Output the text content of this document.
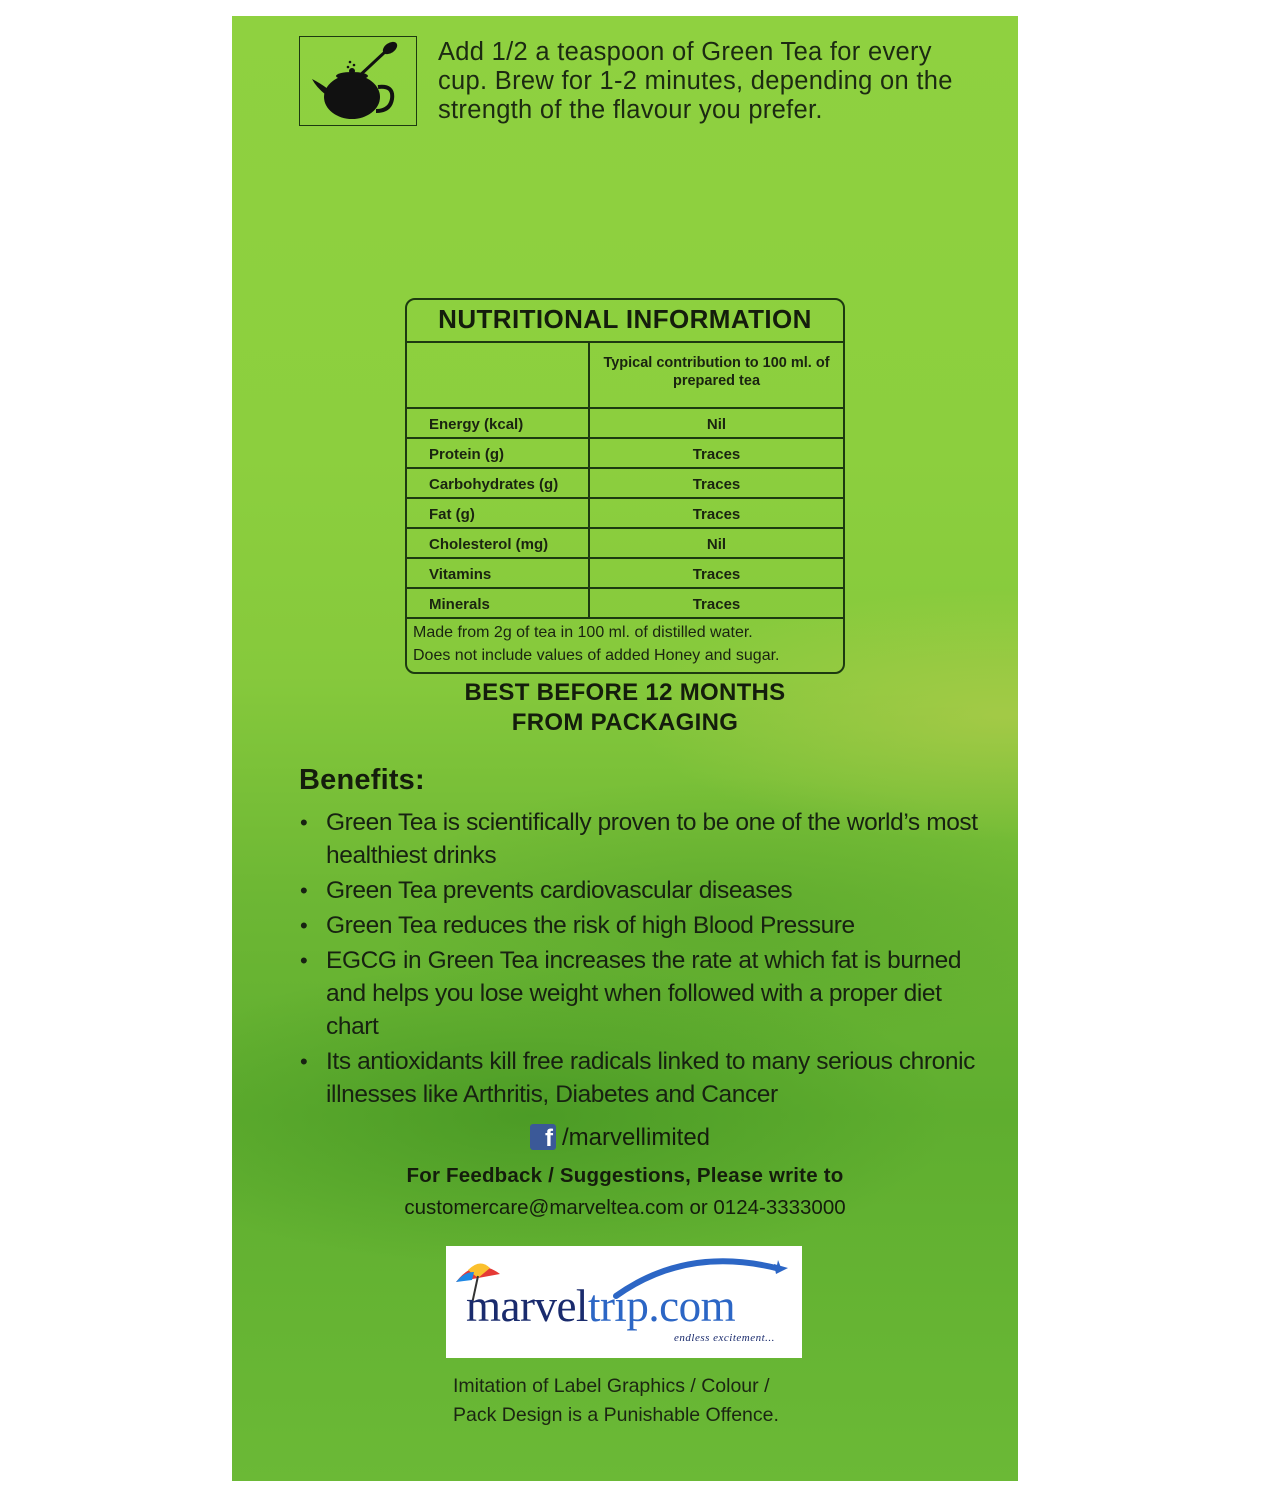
Add 1/2 a teaspoon of Green Tea for every cup. Brew for 1-2 minutes, depending on the strength of the flavour you prefer.
NUTRITIONAL INFORMATION
Typical contribution to 100 ml. of prepared tea
Energy (kcal)	Nil
Protein (g)	Traces
Carbohydrates (g)	Traces
Fat (g)	Traces
Cholesterol (mg)	Nil
Vitamins	Traces
Minerals	Traces
Made from 2g of tea in 100 ml. of distilled water.
Does not include values of added Honey and sugar.
BEST BEFORE 12 MONTHS
FROM PACKAGING
Benefits:
• Green Tea is scientifically proven to be one of the world’s most healthiest drinks
• Green Tea prevents cardiovascular diseases
• Green Tea reduces the risk of high Blood Pressure
• EGCG in Green Tea increases the rate at which fat is burned and helps you lose weight when followed with a proper diet chart
• Its antioxidants kill free radicals linked to many serious chronic illnesses like Arthritis, Diabetes and Cancer
f /marvellimited
For Feedback / Suggestions, Please write to
customercare@marveltea.com or 0124-3333000
marveltrip.com
endless excitement...
Imitation of Label Graphics / Colour /
Pack Design is a Punishable Offence.
